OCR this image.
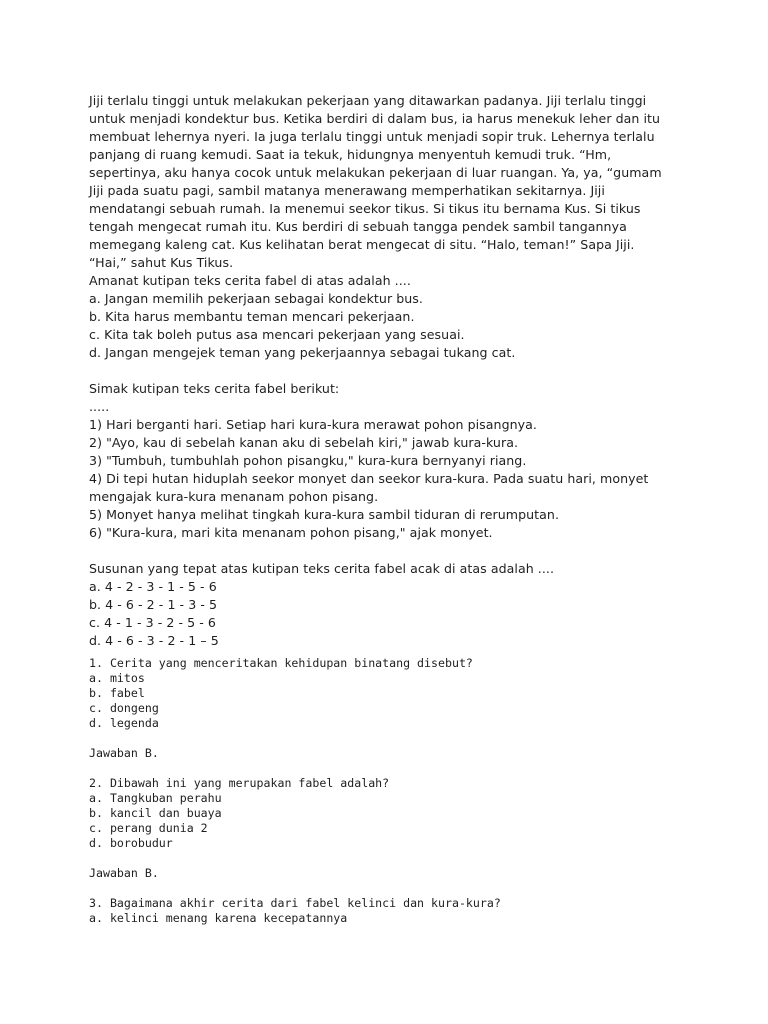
Jiji terlalu tinggi untuk melakukan pekerjaan yang ditawarkan padanya. Jiji terlalu tinggi
untuk menjadi kondektur bus. Ketika berdiri di dalam bus, ia harus menekuk leher dan itu
membuat lehernya nyeri. Ia juga terlalu tinggi untuk menjadi sopir truk. Lehernya terlalu
panjang di ruang kemudi. Saat ia tekuk, hidungnya menyentuh kemudi truk. “Hm,
sepertinya, aku hanya cocok untuk melakukan pekerjaan di luar ruangan. Ya, ya, “gumam
Jiji pada suatu pagi, sambil matanya menerawang memperhatikan sekitarnya. Jiji
mendatangi sebuah rumah. Ia menemui seekor tikus. Si tikus itu bernama Kus. Si tikus
tengah mengecat rumah itu. Kus berdiri di sebuah tangga pendek sambil tangannya
memegang kaleng cat. Kus kelihatan berat mengecat di situ. “Halo, teman!” Sapa Jiji.
“Hai,” sahut Kus Tikus.
Amanat kutipan teks cerita fabel di atas adalah ....
a. Jangan memilih pekerjaan sebagai kondektur bus.
b. Kita harus membantu teman mencari pekerjaan.
c. Kita tak boleh putus asa mencari pekerjaan yang sesuai.
d. Jangan mengejek teman yang pekerjaannya sebagai tukang cat.
Simak kutipan teks cerita fabel berikut:
.....
1) Hari berganti hari. Setiap hari kura-kura merawat pohon pisangnya.
2) "Ayo, kau di sebelah kanan aku di sebelah kiri," jawab kura-kura.
3) "Tumbuh, tumbuhlah pohon pisangku," kura-kura bernyanyi riang.
4) Di tepi hutan hiduplah seekor monyet dan seekor kura-kura. Pada suatu hari, monyet
mengajak kura-kura menanam pohon pisang.
5) Monyet hanya melihat tingkah kura-kura sambil tiduran di rerumputan.
6) "Kura-kura, mari kita menanam pohon pisang," ajak monyet.
Susunan yang tepat atas kutipan teks cerita fabel acak di atas adalah ....
a. 4 - 2 - 3 - 1 - 5 - 6
b. 4 - 6 - 2 - 1 - 3 - 5
c. 4 - 1 - 3 - 2 - 5 - 6
d. 4 - 6 - 3 - 2 - 1 – 5
1. Cerita yang menceritakan kehidupan binatang disebut?
a. mitos
b. fabel
c. dongeng
d. legenda
Jawaban B.
2. Dibawah ini yang merupakan fabel adalah?
a. Tangkuban perahu
b. kancil dan buaya
c. perang dunia 2
d. borobudur
Jawaban B.
3. Bagaimana akhir cerita dari fabel kelinci dan kura-kura?
a. kelinci menang karena kecepatannya
